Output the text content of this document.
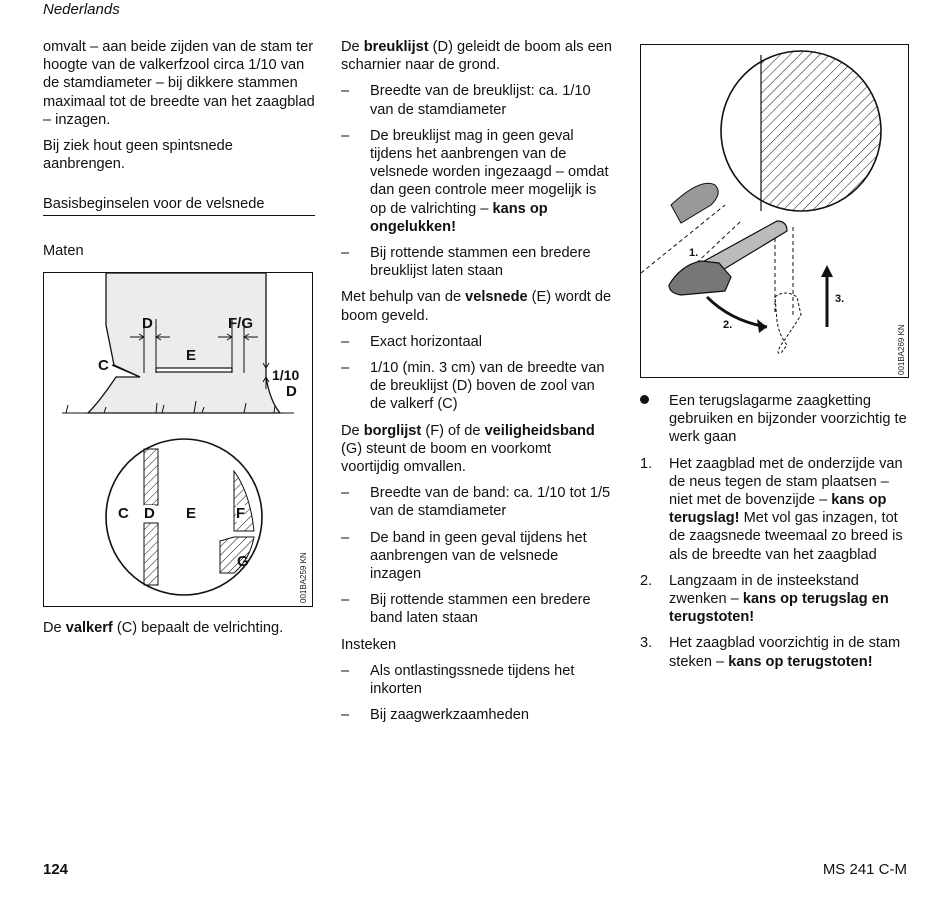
Nederlands

omvalt – aan beide zijden van de stam ter hoogte van de valkerfzool circa 1/10 van de stamdiameter – bij dikkere stammen maximaal tot de breedte van het zaagblad – inzagen.

Bij ziek hout geen spintsnede aanbrengen.

Basisbeginselen voor de velsnede
Maten
D	F/G
E
C
1/10
D
C D E	F
G	001BA259 KN

De valkerf (C) bepaalt de velrichting.

De breuklijst (D) geleidt de boom als een scharnier naar de grond.

– Breedte van de breuklijst: ca. 1/10 van de stamdiameter
– De breuklijst mag in geen geval tijdens het aanbrengen van de velsnede worden ingezaagd – omdat dan geen controle meer mogelijk is op de valrichting – kans op ongelukken!
– Bij rottende stammen een bredere breuklijst laten staan

Met behulp van de velsnede (E) wordt de boom geveld.

– Exact horizontaal
– 1/10 (min. 3 cm) van de breedte van de breuklijst (D) boven de zool van de valkerf (C)

De borglijst (F) of de veiligheidsband (G) steunt de boom en voorkomt voortijdig omvallen.

– Breedte van de band: ca. 1/10 tot 1/5 van de stamdiameter
– De band in geen geval tijdens het aanbrengen van de velsnede inzagen
– Bij rottende stammen een bredere band laten staan

Insteken

– Als ontlastingssnede tijdens het inkorten
– Bij zaagwerkzaamheden
1.
2.
3.
001BA269 KN
Een terugslagarme zaagketting gebruiken en bijzonder voorzichtig te werk gaan
1. Het zaagblad met de onderzijde van de neus tegen de stam plaatsen – niet met de bovenzijde – kans op terugslag! Met vol gas inzagen, tot de zaagsnede tweemaal zo breed is als de breedte van het zaagblad
2. Langzaam in de insteekstand zwenken – kans op terugslag en terugstoten!
3. Het zaagblad voorzichtig in de stam steken – kans op terugstoten!
124	MS 241 C-M
